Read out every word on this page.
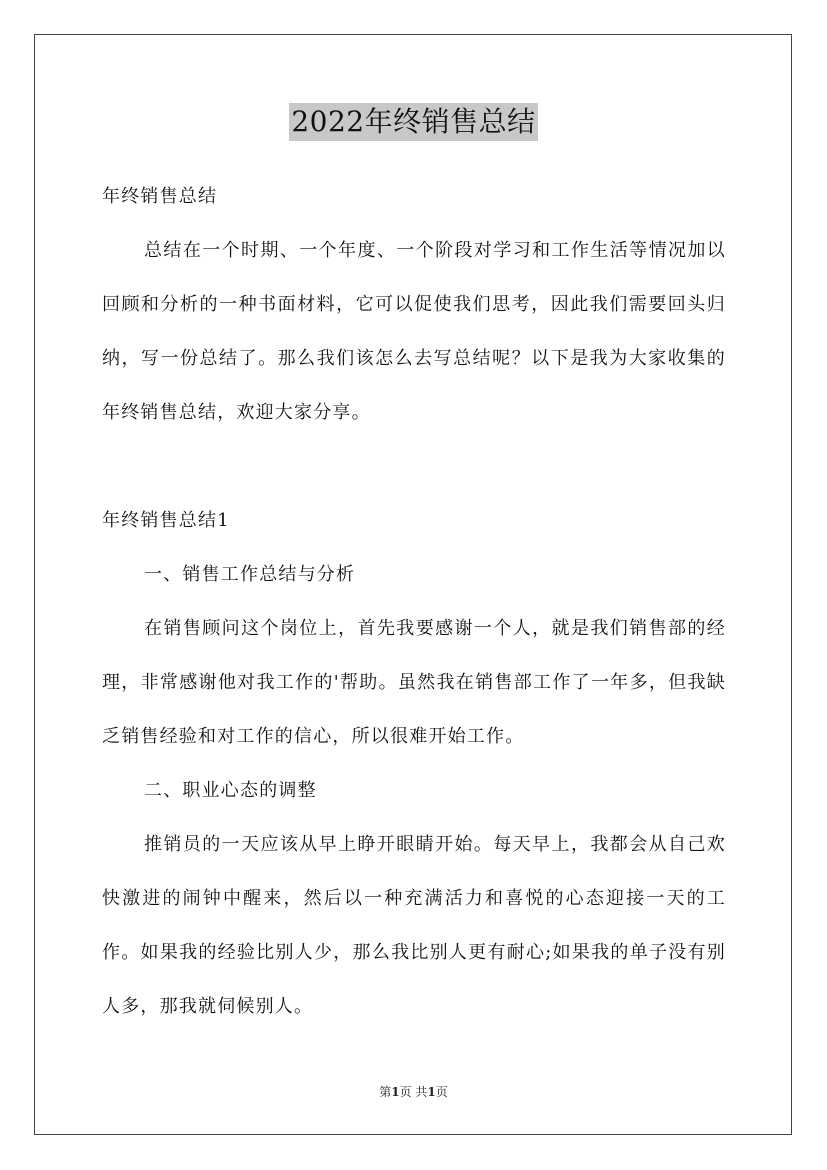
2022年终销售总结

年终销售总结

总结在一个时期、一个年度、一个阶段对学习和工作生活等情况加以回顾和分析的一种书面材料，它可以促使我们思考，因此我们需要回头归纳，写一份总结了。那么我们该怎么去写总结呢？以下是我为大家收集的年终销售总结，欢迎大家分享。

年终销售总结1

一、销售工作总结与分析

在销售顾问这个岗位上，首先我要感谢一个人，就是我们销售部的经理，非常感谢他对我工作的'帮助。虽然我在销售部工作了一年多，但我缺乏销售经验和对工作的信心，所以很难开始工作。

二、职业心态的调整

推销员的一天应该从早上睁开眼睛开始。每天早上，我都会从自己欢快激进的闹钟中醒来，然后以一种充满活力和喜悦的心态迎接一天的工作。如果我的经验比别人少，那么我比别人更有耐心;如果我的单子没有别人多，那我就伺候别人。

第1页 共1页
